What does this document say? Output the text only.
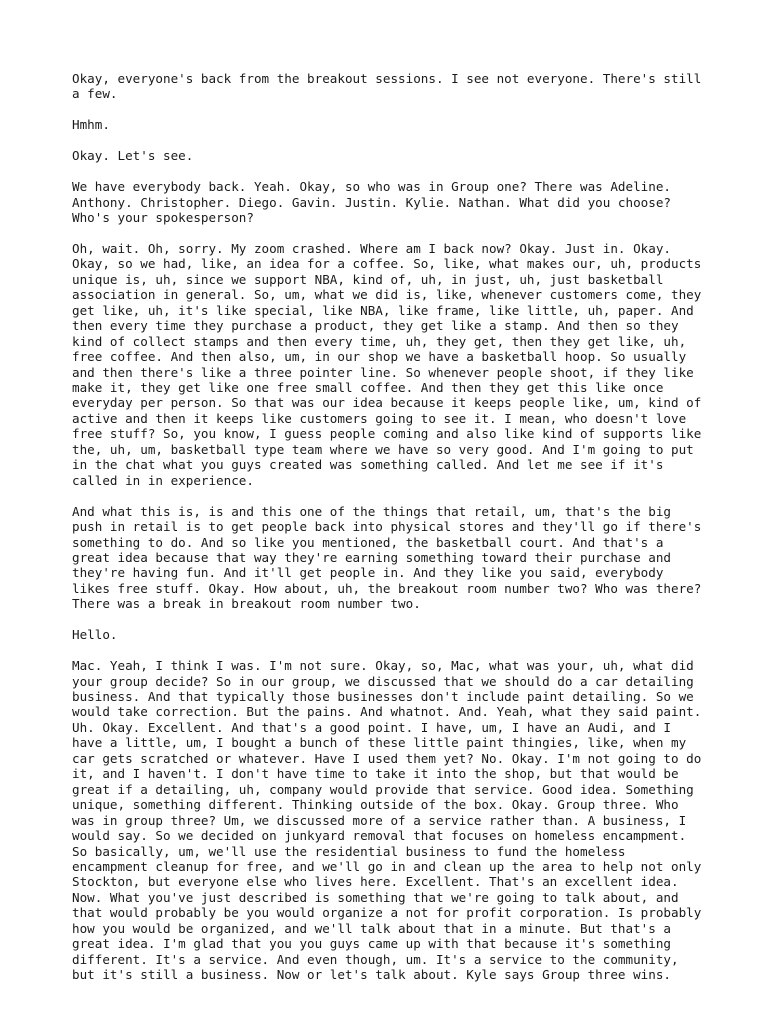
Okay, everyone's back from the breakout sessions. I see not everyone. There's still
a few.

Hmhm.

Okay. Let's see.

We have everybody back. Yeah. Okay, so who was in Group one? There was Adeline.
Anthony. Christopher. Diego. Gavin. Justin. Kylie. Nathan. What did you choose?
Who's your spokesperson?

Oh, wait. Oh, sorry. My zoom crashed. Where am I back now? Okay. Just in. Okay.
Okay, so we had, like, an idea for a coffee. So, like, what makes our, uh, products
unique is, uh, since we support NBA, kind of, uh, in just, uh, just basketball
association in general. So, um, what we did is, like, whenever customers come, they
get like, uh, it's like special, like NBA, like frame, like little, uh, paper. And
then every time they purchase a product, they get like a stamp. And then so they
kind of collect stamps and then every time, uh, they get, then they get like, uh,
free coffee. And then also, um, in our shop we have a basketball hoop. So usually
and then there's like a three pointer line. So whenever people shoot, if they like
make it, they get like one free small coffee. And then they get this like once
everyday per person. So that was our idea because it keeps people like, um, kind of
active and then it keeps like customers going to see it. I mean, who doesn't love
free stuff? So, you know, I guess people coming and also like kind of supports like
the, uh, um, basketball type team where we have so very good. And I'm going to put
in the chat what you guys created was something called. And let me see if it's
called in in experience.

And what this is, is and this one of the things that retail, um, that's the big
push in retail is to get people back into physical stores and they'll go if there's
something to do. And so like you mentioned, the basketball court. And that's a
great idea because that way they're earning something toward their purchase and
they're having fun. And it'll get people in. And they like you said, everybody
likes free stuff. Okay. How about, uh, the breakout room number two? Who was there?
There was a break in breakout room number two.

Hello.

Mac. Yeah, I think I was. I'm not sure. Okay, so, Mac, what was your, uh, what did
your group decide? So in our group, we discussed that we should do a car detailing
business. And that typically those businesses don't include paint detailing. So we
would take correction. But the pains. And whatnot. And. Yeah, what they said paint.
Uh. Okay. Excellent. And that's a good point. I have, um, I have an Audi, and I
have a little, um, I bought a bunch of these little paint thingies, like, when my
car gets scratched or whatever. Have I used them yet? No. Okay. I'm not going to do
it, and I haven't. I don't have time to take it into the shop, but that would be
great if a detailing, uh, company would provide that service. Good idea. Something
unique, something different. Thinking outside of the box. Okay. Group three. Who
was in group three? Um, we discussed more of a service rather than. A business, I
would say. So we decided on junkyard removal that focuses on homeless encampment.
So basically, um, we'll use the residential business to fund the homeless
encampment cleanup for free, and we'll go in and clean up the area to help not only
Stockton, but everyone else who lives here. Excellent. That's an excellent idea.
Now. What you've just described is something that we're going to talk about, and
that would probably be you would organize a not for profit corporation. Is probably
how you would be organized, and we'll talk about that in a minute. But that's a
great idea. I'm glad that you you guys came up with that because it's something
different. It's a service. And even though, um. It's a service to the community,
but it's still a business. Now or let's talk about. Kyle says Group three wins.
